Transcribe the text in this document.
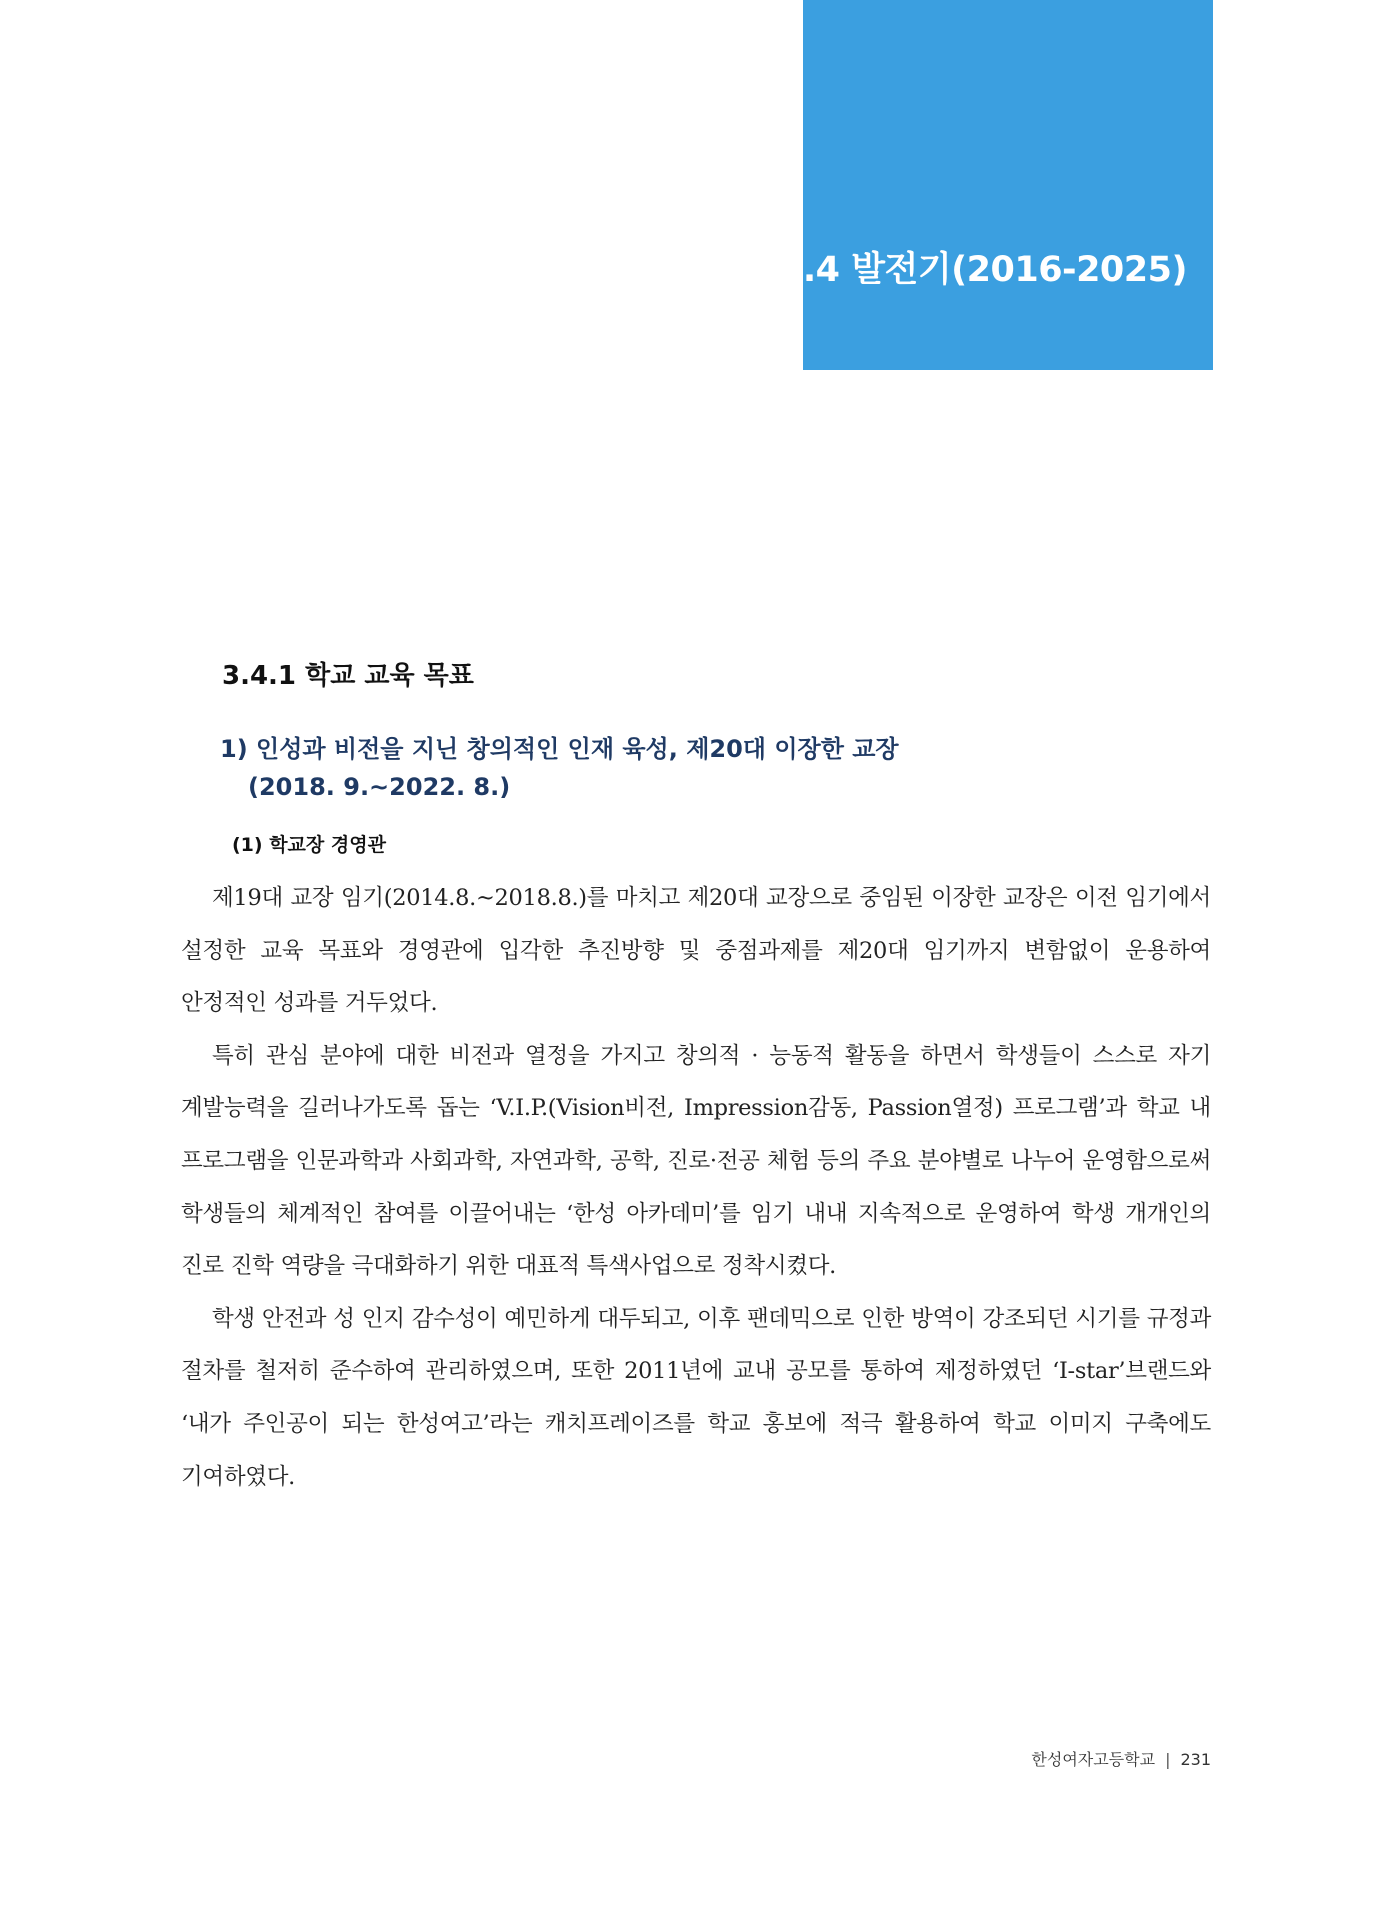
3.4 발전기(2016-2025)
3.4.1 학교 교육 목표
1) 인성과 비전을 지닌 창의적인 인재 육성, 제20대 이장한 교장
(2018. 9.~2022. 8.)
(1) 학교장 경영관

제19대 교장 임기(2014.8.~2018.8.)를 마치고 제20대 교장으로 중임된 이장한 교장은 이전 임기에서 설정한 교육 목표와 경영관에 입각한 추진방향 및 중점과제를 제20대 임기까지 변함없이 운용하여 안정적인 성과를 거두었다.

특히 관심 분야에 대한 비전과 열정을 가지고 창의적 · 능동적 활동을 하면서 학생들이 스스로 자기 계발능력을 길러나가도록 돕는 ‘V.I.P.(Vision비전, Impression감동, Passion열정) 프로그램’과 학교 내 프로그램을 인문과학과 사회과학, 자연과학, 공학, 진로·전공 체험 등의 주요 분야별로 나누어 운영함으로써 학생들의 체계적인 참여를 이끌어내는 ‘한성 아카데미’를 임기 내내 지속적으로 운영하여 학생 개개인의 진로 진학 역량을 극대화하기 위한 대표적 특색사업으로 정착시켰다.

학생 안전과 성 인지 감수성이 예민하게 대두되고, 이후 팬데믹으로 인한 방역이 강조되던 시기를 규정과 절차를 철저히 준수하여 관리하였으며, 또한 2011년에 교내 공모를 통하여 제정하였던 ‘I-star’브랜드와 ‘내가 주인공이 되는 한성여고’라는 캐치프레이즈를 학교 홍보에 적극 활용하여 학교 이미지 구축에도 기여하였다.

한성여자고등학교 | 231
